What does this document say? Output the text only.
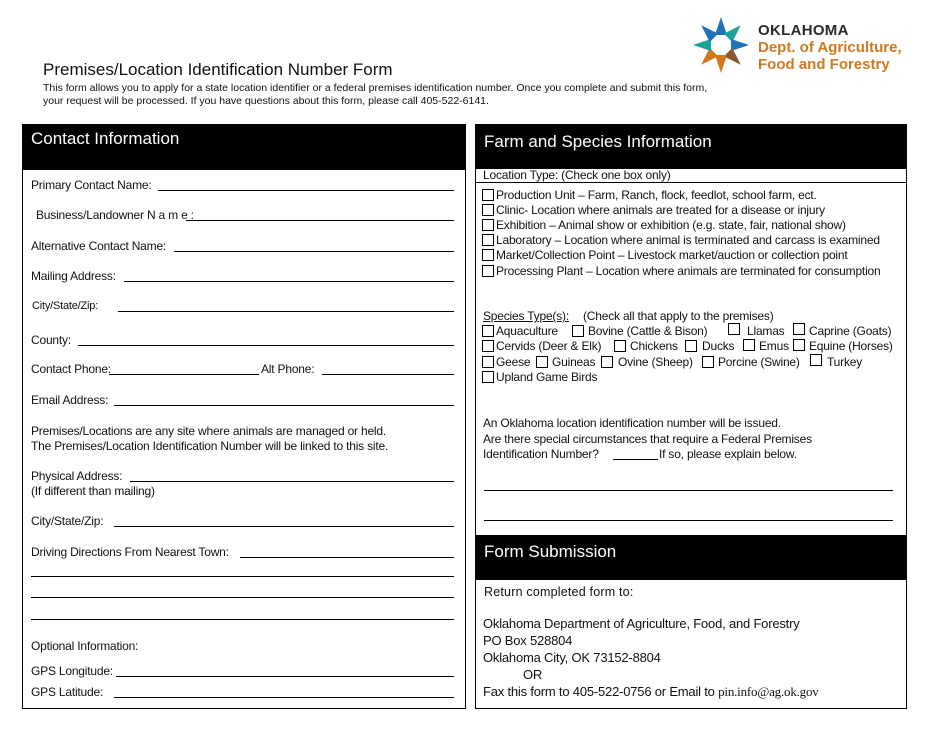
Premises/Location Identification Number Form
This form allows you to apply for a state location identifier or a federal premises identification number. Once you complete and submit this form,
your request will be processed. If you have questions about this form, please call 405-522-6141.
OKLAHOMA
Dept. of Agriculture,
Food and Forestry
Contact Information
Primary Contact Name:
Business/Landowner N a m e :
Alternative Contact Name:
Mailing Address:
City/State/Zip:
County:
Contact Phone:	Alt Phone:
Email Address:
Premises/Locations are any site where animals are managed or held.
The Premises/Location Identification Number will be linked to this site.
Physical Address:
(If different than mailing)
City/State/Zip:
Driving Directions From Nearest Town:
Optional Information:
GPS Longitude:
GPS Latitude:
Farm and Species Information
Location Type: (Check one box only)
Production Unit – Farm, Ranch, flock, feedlot, school farm, ect.
Clinic- Location where animals are treated for a disease or injury
Exhibition – Animal show or exhibition (e.g. state, fair, national show)
Laboratory – Location where animal is terminated and carcass is examined
Market/Collection Point – Livestock market/auction or collection point
Processing Plant – Location where animals are terminated for consumption
Species Type(s): (Check all that apply to the premises)
Aquaculture	Bovine (Cattle & Bison)	Llamas Caprine (Goats)
Cervids (Deer & Elk) Chickens Ducks Emus Equine (Horses)
Geese Guineas Ovine (Sheep) Porcine (Swine) Turkey
Upland Game Birds
An Oklahoma location identification number will be issued.
Are there special circumstances that require a Federal Premises
Identification Number?	If so, please explain below.
Form Submission
Return completed form to:
Oklahoma Department of Agriculture, Food, and Forestry
PO Box 528804
Oklahoma City, OK 73152-8804
OR
Fax this form to 405-522-0756 or Email to pin.info@ag.ok.gov
